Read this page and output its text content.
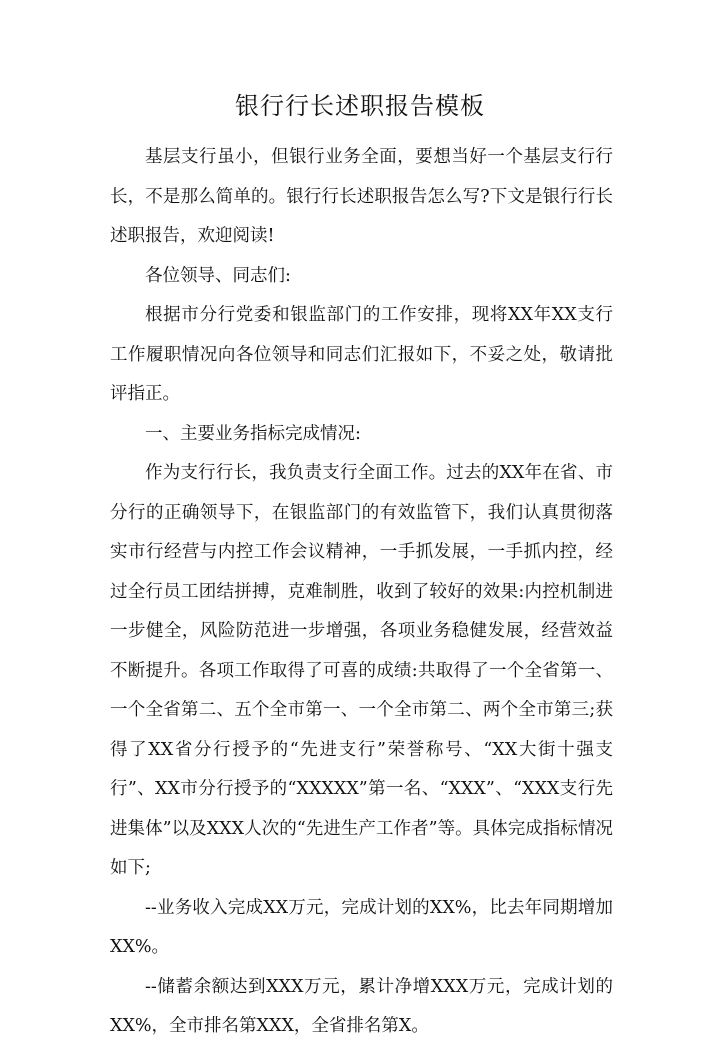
银行行长述职报告模板

基层支行虽小，但银行业务全面，要想当好一个基层支行行长，不是那么简单的。银行行长述职报告怎么写?下文是银行行长述职报告，欢迎阅读!

各位领导、同志们:

根据市分行党委和银监部门的工作安排，现将XX年XX支行工作履职情况向各位领导和同志们汇报如下，不妥之处，敬请批评指正。

一、主要业务指标完成情况:

作为支行行长，我负责支行全面工作。过去的XX年在省、市分行的正确领导下，在银监部门的有效监管下，我们认真贯彻落实市行经营与内控工作会议精神，一手抓发展，一手抓内控，经过全行员工团结拼搏，克难制胜，收到了较好的效果:内控机制进一步健全，风险防范进一步增强，各项业务稳健发展，经营效益不断提升。各项工作取得了可喜的成绩:共取得了一个全省第一、一个全省第二、五个全市第一、一个全市第二、两个全市第三;获得了XX省分行授予的“先进支行”荣誉称号、“XX大街十强支行”、XX市分行授予的“XXXXX”第一名、“XXX”、“XXX支行先进集体”以及XXX人次的“先进生产工作者”等。具体完成指标情况如下;

--业务收入完成XX万元，完成计划的XX%，比去年同期增加XX%。

--储蓄余额达到XXX万元，累计净增XXX万元，完成计划的XX%，全市排名第XXX，全省排名第X。
